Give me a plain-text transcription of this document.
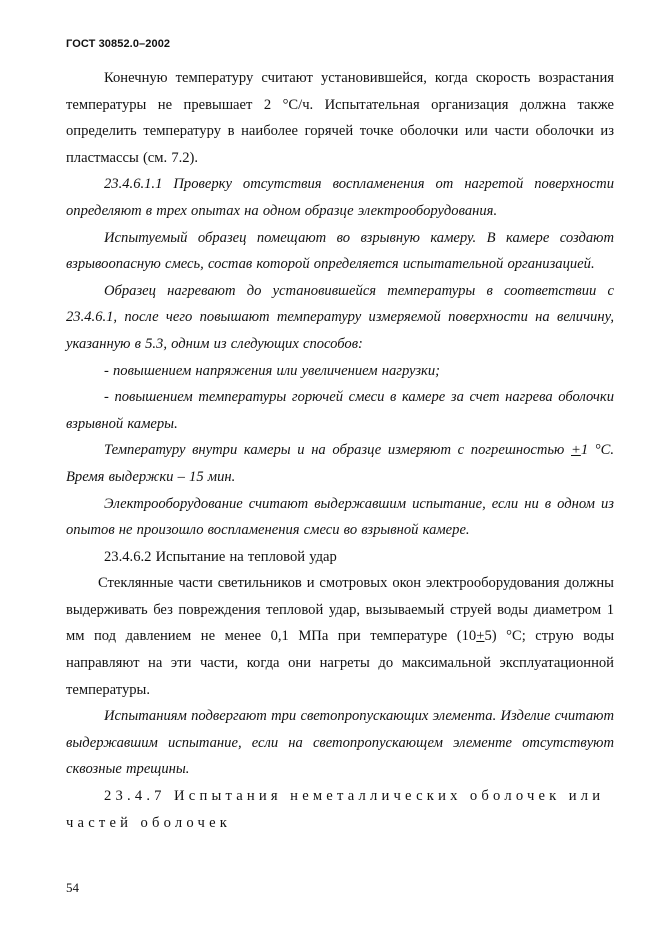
ГОСТ 30852.0–2002

Конечную температуру считают установившейся, когда скорость возрастания температуры не превышает 2 °С/ч. Испытательная организация должна также определить температуру в наиболее горячей точке оболочки или части оболочки из пластмассы (см. 7.2).

23.4.6.1.1 Проверку отсутствия воспламенения от нагретой поверхности определяют в трех опытах на одном образце электрооборудования.

Испытуемый образец помещают во взрывную камеру. В камере создают взрывоопасную смесь, состав которой определяется испытательной организацией.

Образец нагревают до установившейся температуры в соответствии с 23.4.6.1, после чего повышают температуру измеряемой поверхности на величину, указанную в 5.3, одним из следующих способов:

- повышением напряжения или увеличением нагрузки;

- повышением температуры горючей смеси в камере за счет нагрева оболочки взрывной камеры.

Температуру внутри камеры и на образце измеряют с погрешностью +1 °С. Время выдержки – 15 мин.

Электрооборудование считают выдержавшим испытание, если ни в одном из опытов не произошло воспламенения смеси во взрывной камере.

23.4.6.2 Испытание на тепловой удар

Стеклянные части светильников и смотровых окон электрооборудования должны выдерживать без повреждения тепловой удар, вызываемый струей воды диаметром 1 мм под давлением не менее 0,1 МПа при температуре (10+5) °С; струю воды направляют на эти части, когда они нагреты до максимальной эксплуатационной температуры.

Испытаниям подвергают три светопропускающих элемента. Изделие считают выдержавшим испытание, если на светопропускающем элементе отсутствуют сквозные трещины.

23.4.7 Испытания неметаллических оболочек или частей оболочек

54
